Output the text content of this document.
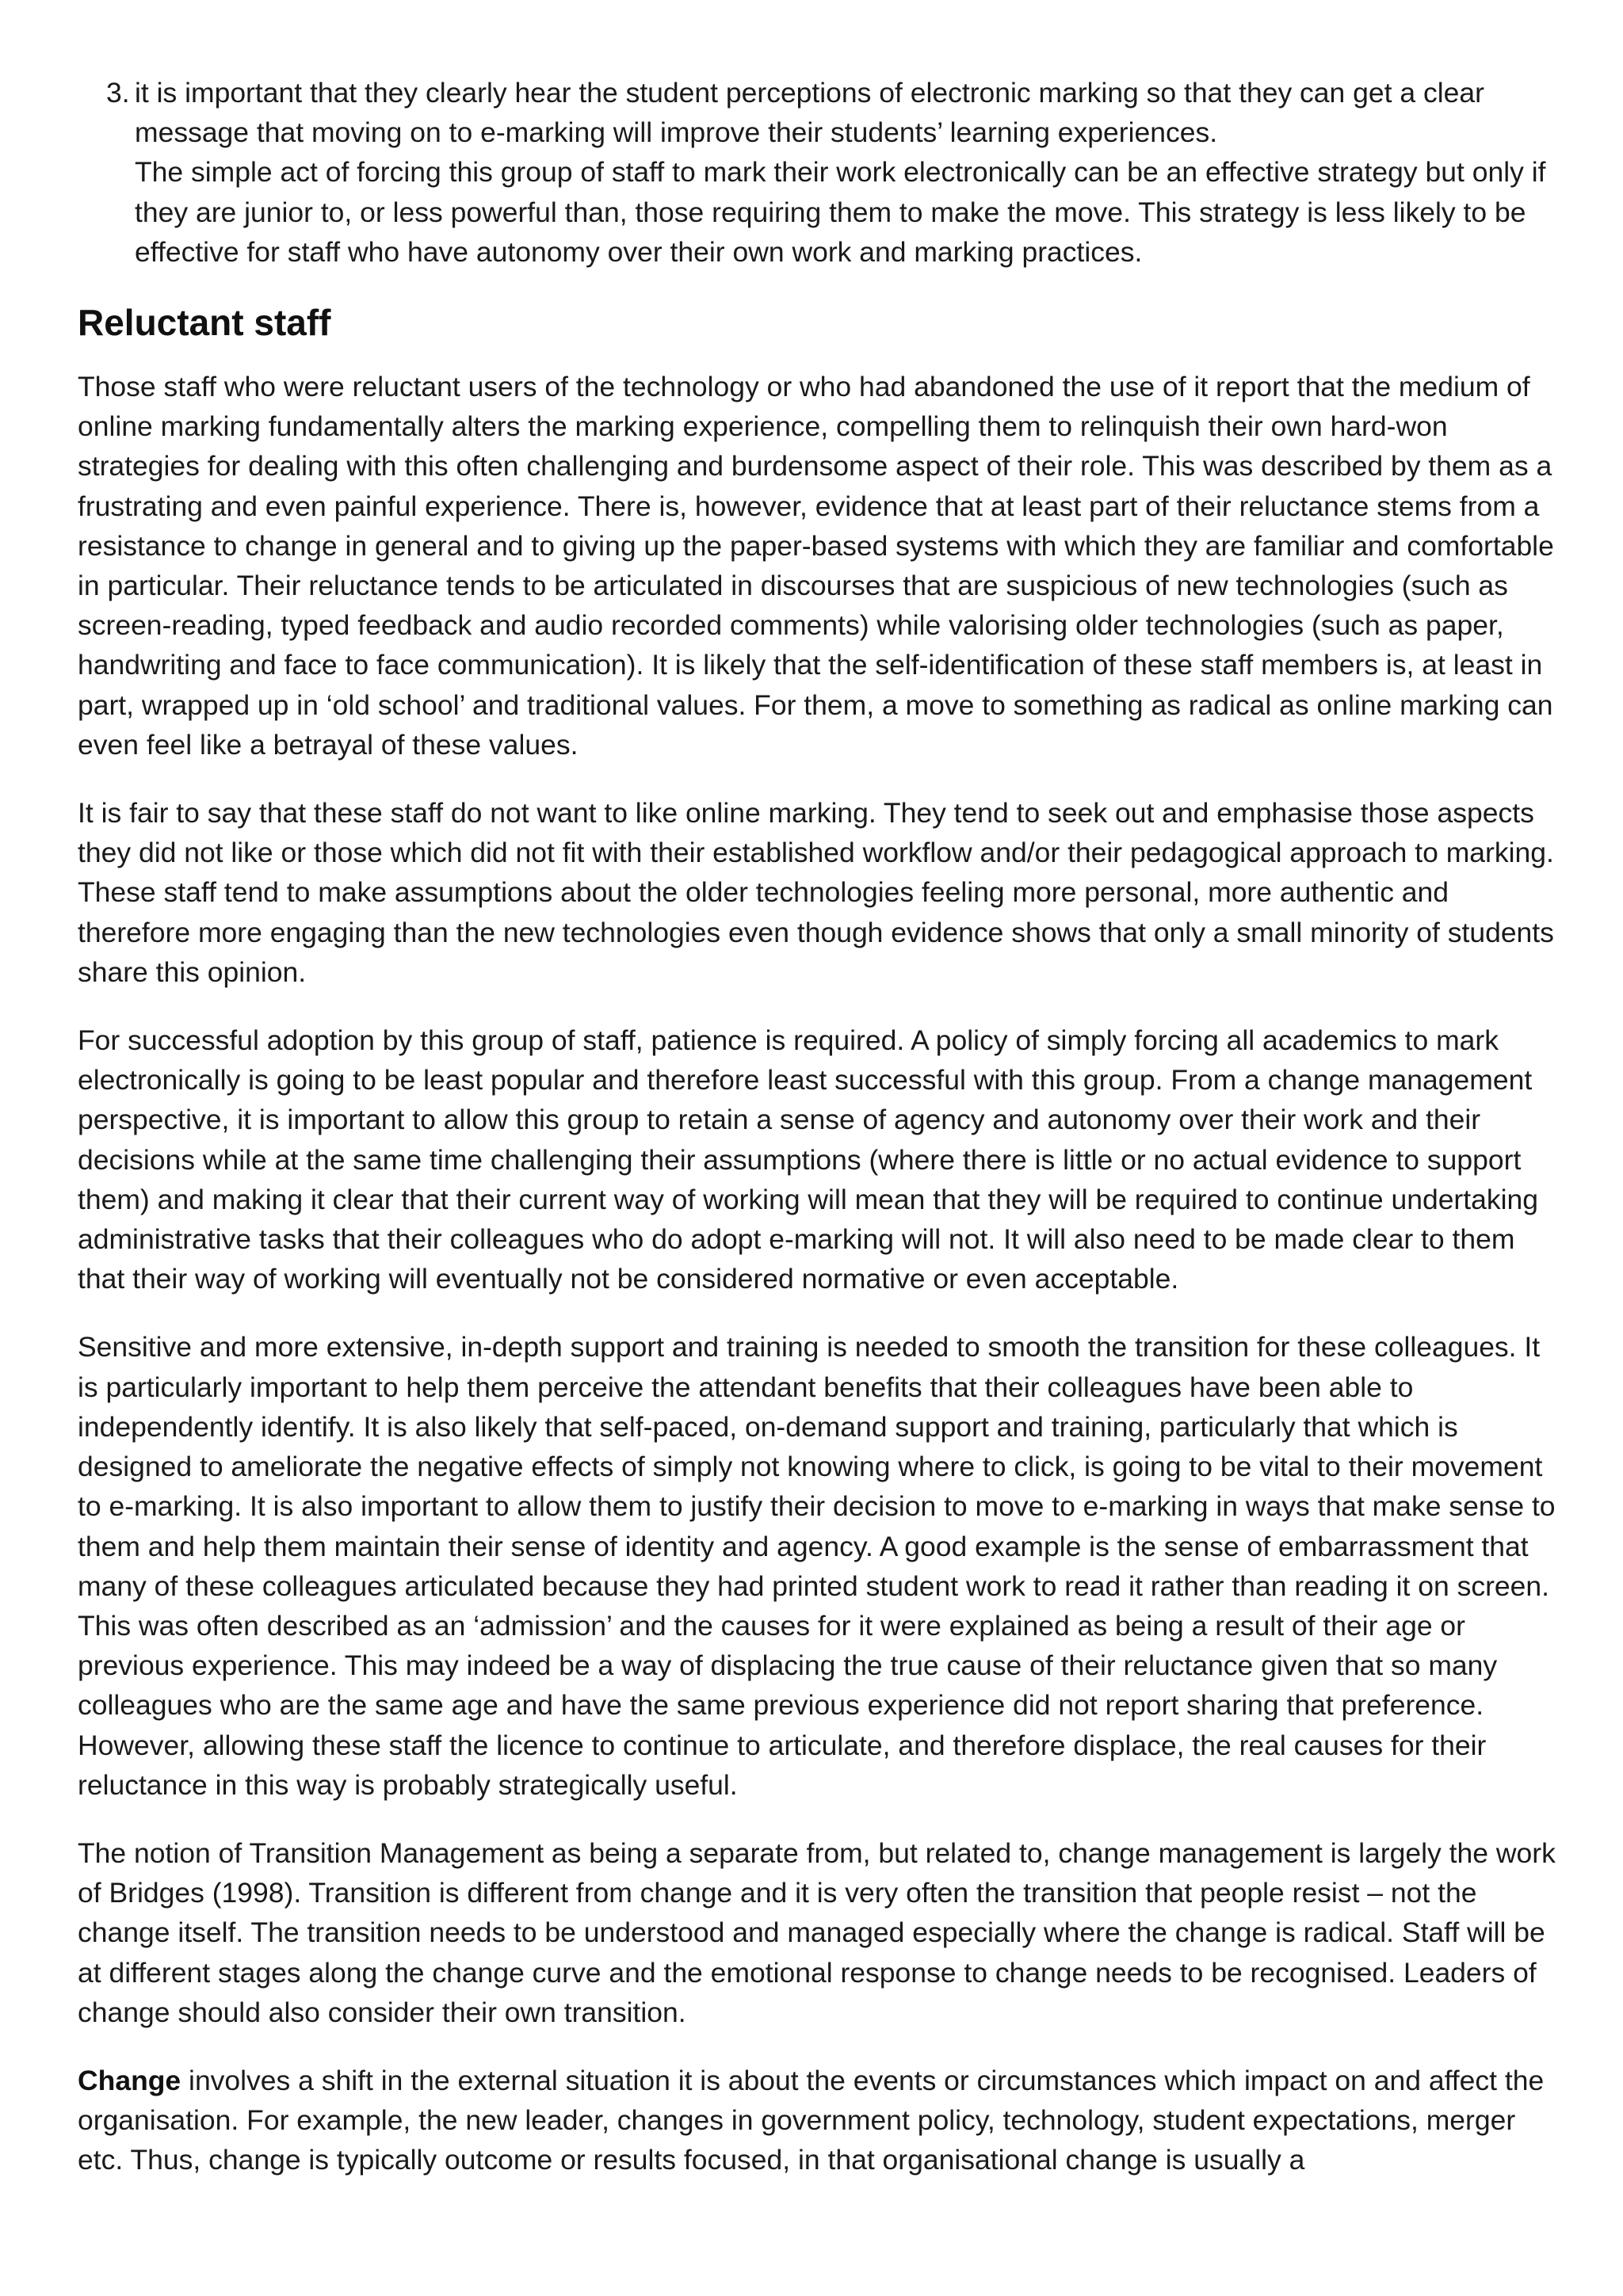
3. it is important that they clearly hear the student perceptions of electronic marking so that they can get a clear message that moving on to e-marking will improve their students’ learning experiences.

The simple act of forcing this group of staff to mark their work electronically can be an effective strategy but only if they are junior to, or less powerful than, those requiring them to make the move. This strategy is less likely to be effective for staff who have autonomy over their own work and marking practices.

Reluctant staff

Those staff who were reluctant users of the technology or who had abandoned the use of it report that the medium of online marking fundamentally alters the marking experience, compelling them to relinquish their own hard-won strategies for dealing with this often challenging and burdensome aspect of their role. This was described by them as a frustrating and even painful experience. There is, however, evidence that at least part of their reluctance stems from a resistance to change in general and to giving up the paper-based systems with which they are familiar and comfortable in particular. Their reluctance tends to be articulated in discourses that are suspicious of new technologies (such as screen-reading, typed feedback and audio recorded comments) while valorising older technologies (such as paper, handwriting and face to face communication). It is likely that the self-identification of these staff members is, at least in part, wrapped up in ‘old school’ and traditional values. For them, a move to something as radical as online marking can even feel like a betrayal of these values.

It is fair to say that these staff do not want to like online marking. They tend to seek out and emphasise those aspects they did not like or those which did not fit with their established workflow and/or their pedagogical approach to marking. These staff tend to make assumptions about the older technologies feeling more personal, more authentic and therefore more engaging than the new technologies even though evidence shows that only a small minority of students share this opinion.

For successful adoption by this group of staff, patience is required. A policy of simply forcing all academics to mark electronically is going to be least popular and therefore least successful with this group. From a change management perspective, it is important to allow this group to retain a sense of agency and autonomy over their work and their decisions while at the same time challenging their assumptions (where there is little or no actual evidence to support them) and making it clear that their current way of working will mean that they will be required to continue undertaking administrative tasks that their colleagues who do adopt e-marking will not. It will also need to be made clear to them that their way of working will eventually not be considered normative or even acceptable.

Sensitive and more extensive, in-depth support and training is needed to smooth the transition for these colleagues. It is particularly important to help them perceive the attendant benefits that their colleagues have been able to independently identify. It is also likely that self-paced, on-demand support and training, particularly that which is designed to ameliorate the negative effects of simply not knowing where to click, is going to be vital to their movement to e-marking. It is also important to allow them to justify their decision to move to e-marking in ways that make sense to them and help them maintain their sense of identity and agency. A good example is the sense of embarrassment that many of these colleagues articulated because they had printed student work to read it rather than reading it on screen. This was often described as an ‘admission’ and the causes for it were explained as being a result of their age or previous experience. This may indeed be a way of displacing the true cause of their reluctance given that so many colleagues who are the same age and have the same previous experience did not report sharing that preference. However, allowing these staff the licence to continue to articulate, and therefore displace, the real causes for their reluctance in this way is probably strategically useful.

The notion of Transition Management as being a separate from, but related to, change management is largely the work of Bridges (1998). Transition is different from change and it is very often the transition that people resist – not the change itself. The transition needs to be understood and managed especially where the change is radical. Staff will be at different stages along the change curve and the emotional response to change needs to be recognised. Leaders of change should also consider their own transition.

Change involves a shift in the external situation it is about the events or circumstances which impact on and affect the organisation. For example, the new leader, changes in government policy, technology, student expectations, merger etc. Thus, change is typically outcome or results focused, in that organisational change is usually a
